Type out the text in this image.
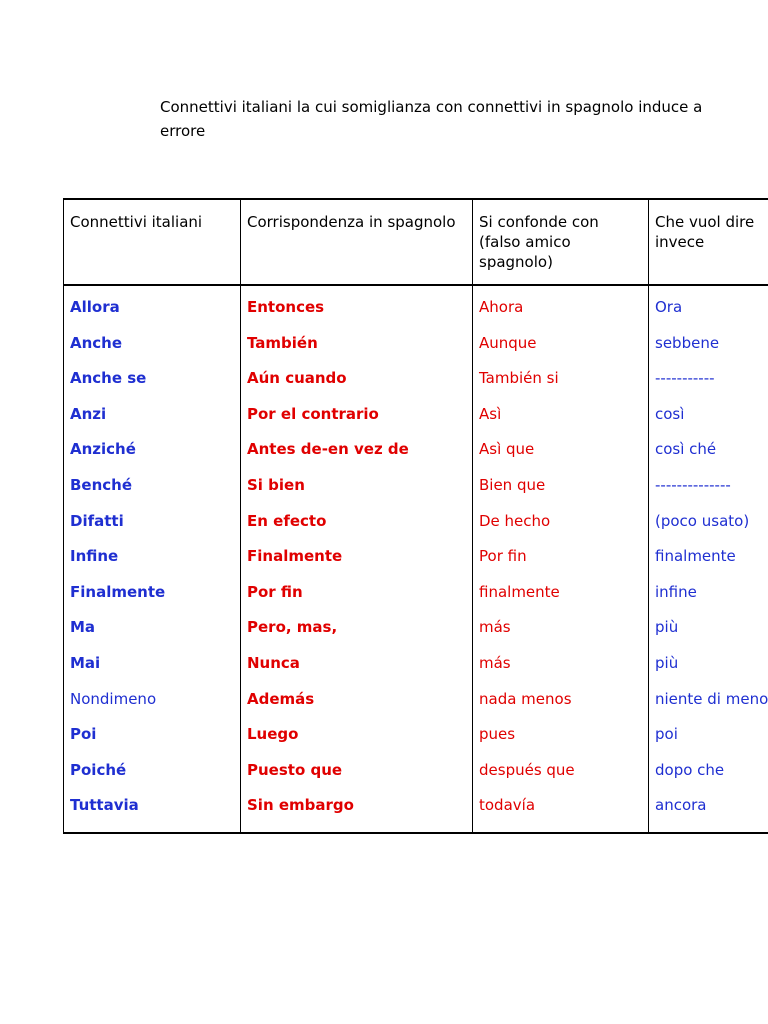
Connettivi italiani la cui somiglianza con connettivi in spagnolo induce a errore
Connettivi italiani	Corrispondenza in spagnolo	Si confonde con (falso amico spagnolo)	Che vuol dire invece
Allora	Entonces	Ahora	Ora
Anche	También	Aunque	sebbene
Anche se	Aún cuando	También si	-----------
Anzi	Por el contrario	Asì	così
Anziché	Antes de-en vez de	Asì que	così ché
Benché	Si bien	Bien que	--------------
Difatti	En efecto	De hecho	(poco usato)
Infine	Finalmente	Por fin	finalmente
Finalmente	Por fin	finalmente	infine
Ma	Pero, mas,	más	più
Mai	Nunca	más	più
Nondimeno	Además	nada menos	niente di meno
Poi	Luego	pues	poi
Poiché	Puesto que	después que	dopo che
Tuttavia	Sin embargo	todavía	ancora
